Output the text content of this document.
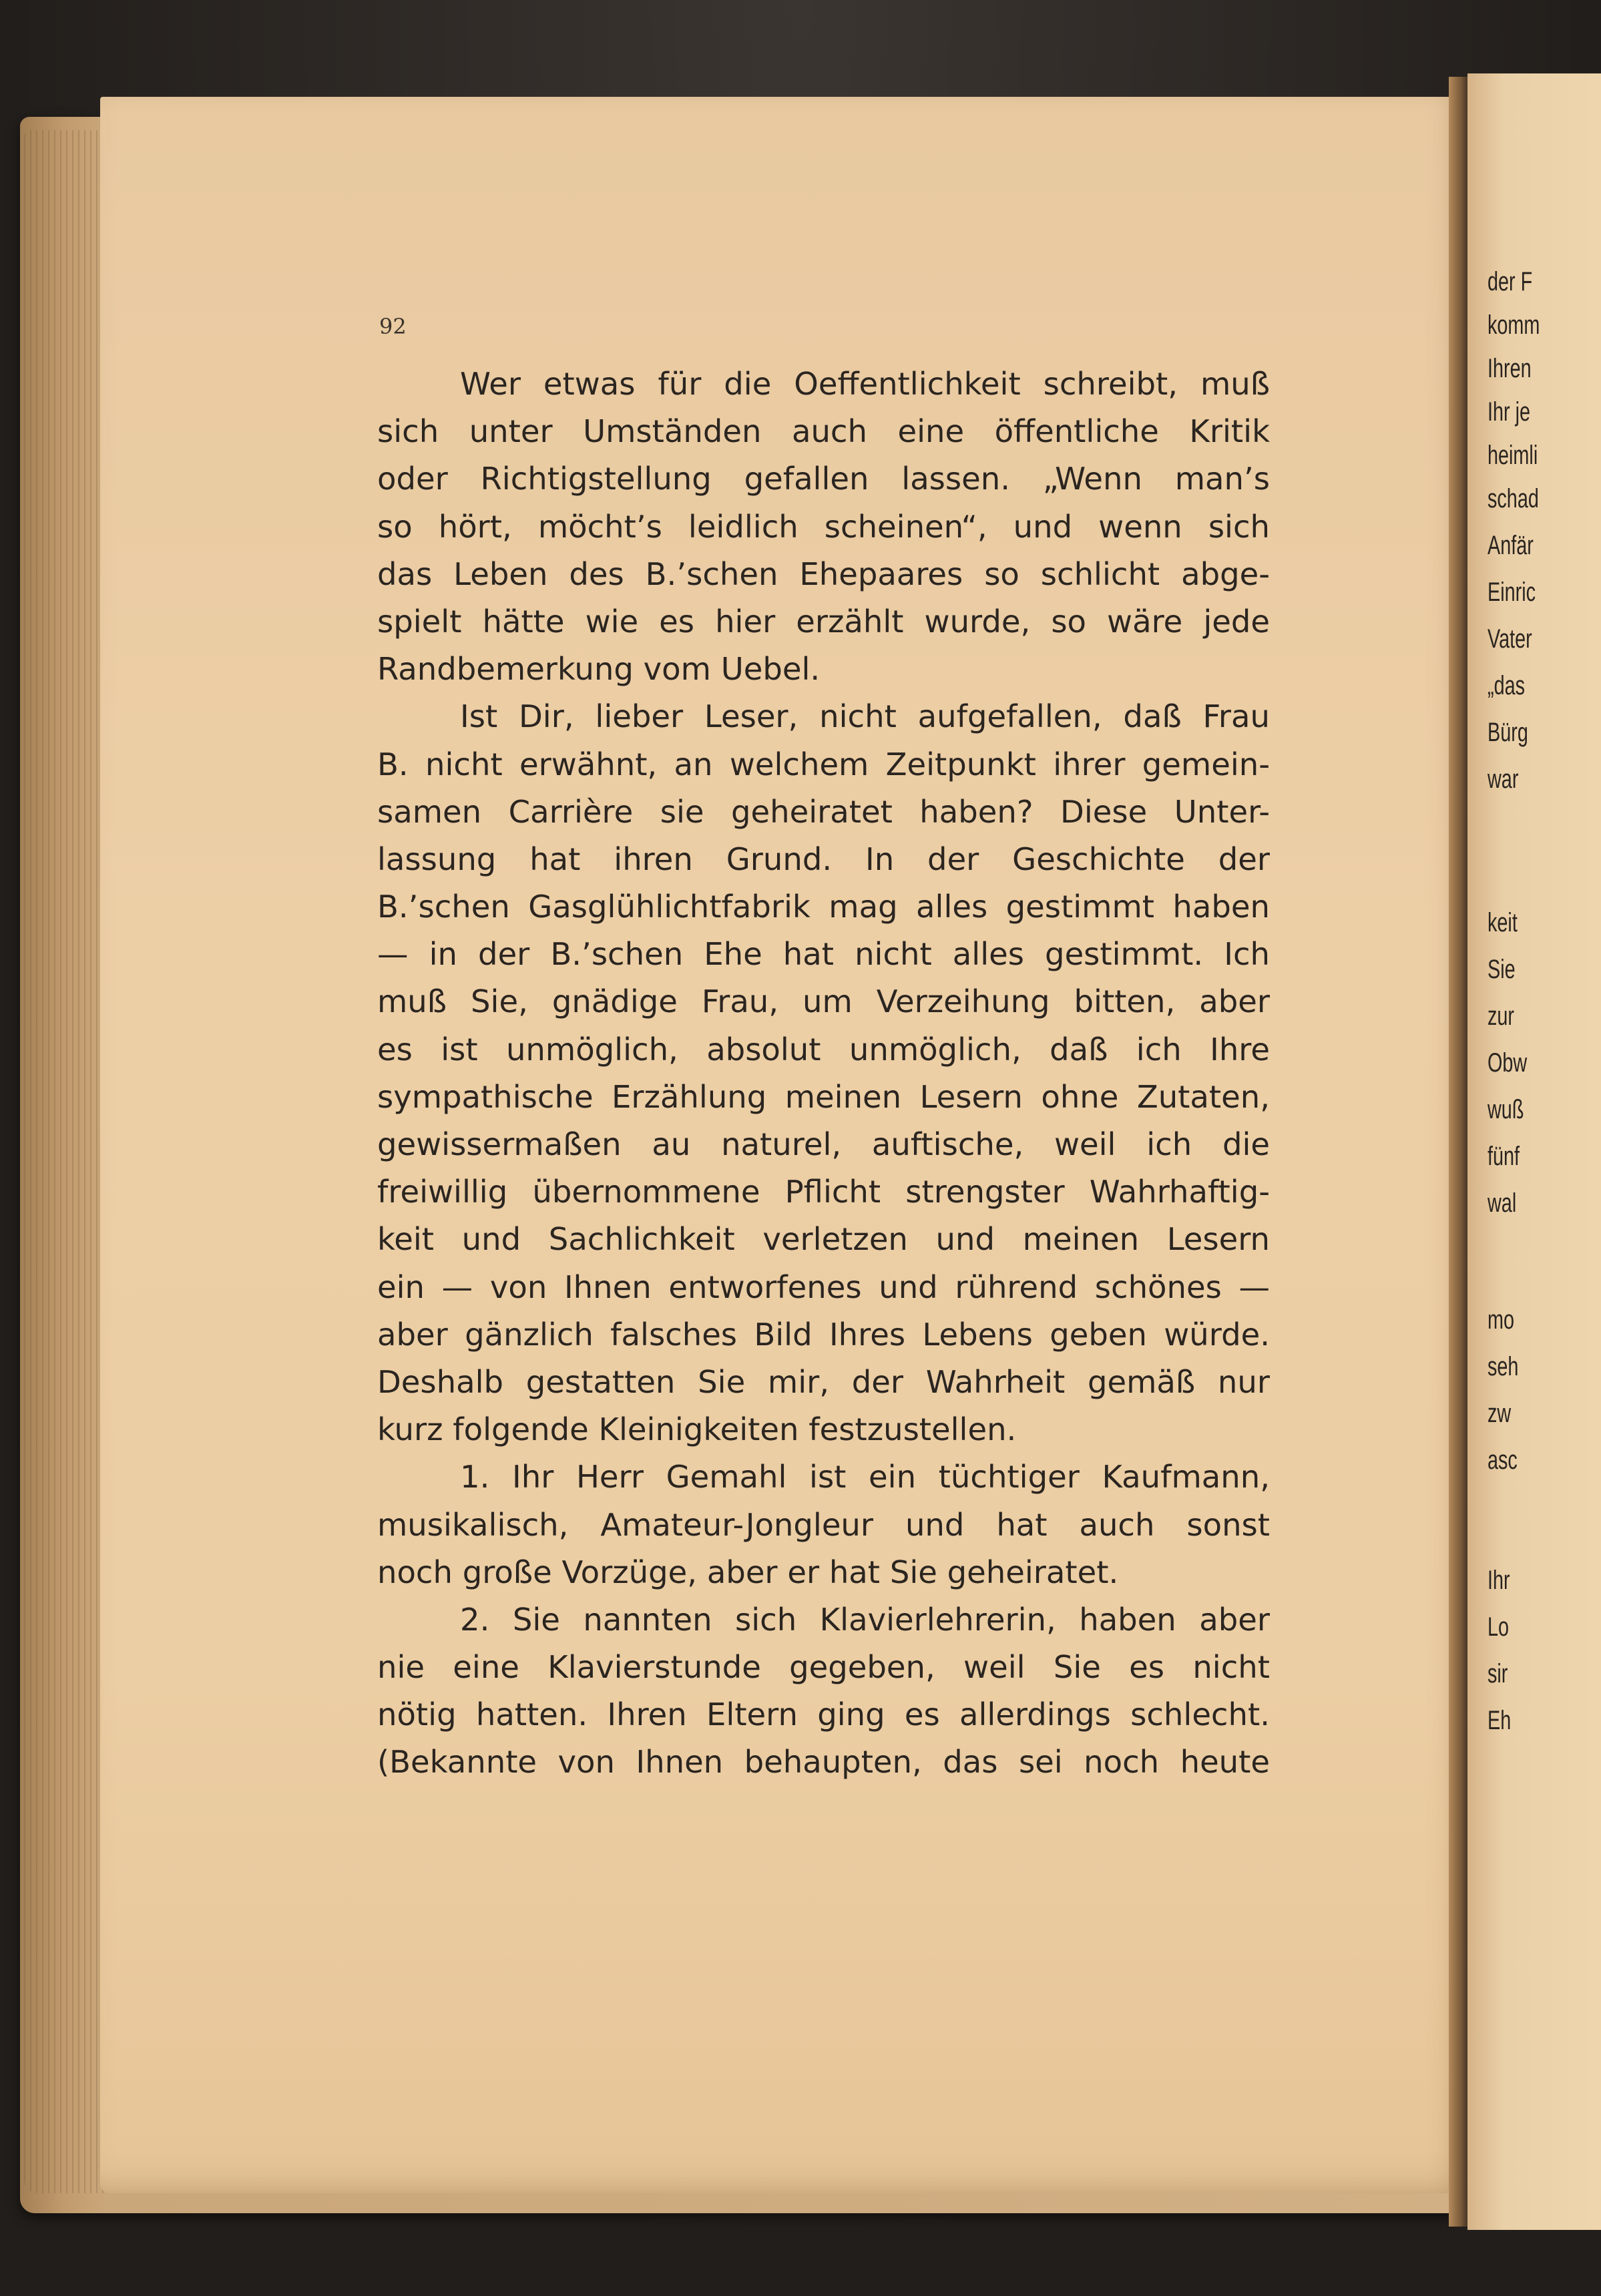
der F
komm
Ihren
Ihr je
heimli
schad
Anfär
Einric
Vater
„das
Bürg
war
keit
Sie
zur
Obw
wuß
fünf
wal
mo
seh
zw
asc
Ihr
Lo
sir
Eh
92
Wer etwas für die Oeffentlichkeit schreibt, muß
sich unter Umständen auch eine öffentliche Kritik
oder Richtigstellung gefallen lassen. „Wenn man’s
so hört, möcht’s leidlich scheinen“, und wenn sich
das Leben des B.’schen Ehepaares so schlicht abge-
spielt hätte wie es hier erzählt wurde, so wäre jede
Randbemerkung vom Uebel.
Ist Dir, lieber Leser, nicht aufgefallen, daß Frau
B. nicht erwähnt, an welchem Zeitpunkt ihrer gemein-
samen Carrière sie geheiratet haben? Diese Unter-
lassung hat ihren Grund. In der Geschichte der
B.’schen Gasglühlichtfabrik mag alles gestimmt haben
— in der B.’schen Ehe hat nicht alles gestimmt. Ich
muß Sie, gnädige Frau, um Verzeihung bitten, aber
es ist unmöglich, absolut unmöglich, daß ich Ihre
sympathische Erzählung meinen Lesern ohne Zutaten,
gewissermaßen au naturel, auftische, weil ich die
freiwillig übernommene Pflicht strengster Wahrhaftig-
keit und Sachlichkeit verletzen und meinen Lesern
ein — von Ihnen entworfenes und rührend schönes —
aber gänzlich falsches Bild Ihres Lebens geben würde.
Deshalb gestatten Sie mir, der Wahrheit gemäß nur
kurz folgende Kleinigkeiten festzustellen.
1. Ihr Herr Gemahl ist ein tüchtiger Kaufmann,
musikalisch, Amateur-Jongleur und hat auch sonst
noch große Vorzüge, aber er hat Sie geheiratet.
2. Sie nannten sich Klavierlehrerin, haben aber
nie eine Klavierstunde gegeben, weil Sie es nicht
nötig hatten. Ihren Eltern ging es allerdings schlecht.
(Bekannte von Ihnen behaupten, das sei noch heute
